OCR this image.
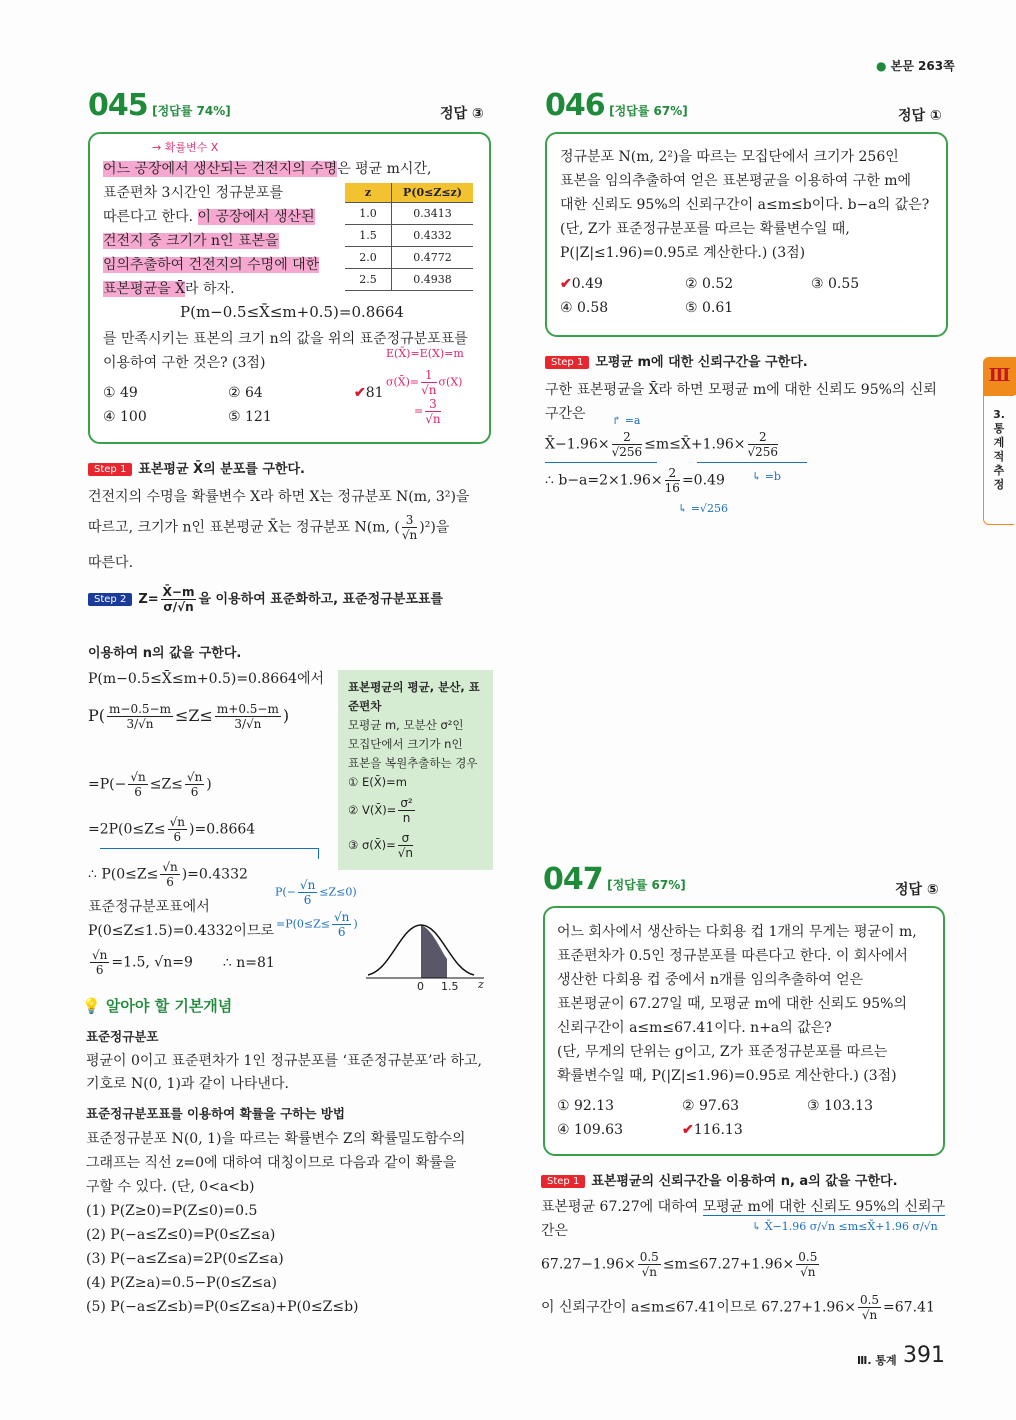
● 본문 263쪽
045 [정답률 74%]	정답 ③
→ 확률변수 X
어느 공장에서 생산되는 건전지의 수명은 평균 m시간,
표준편차 3시간인 정규분포를
따른다고 한다. 이 공장에서 생산된
건전지 중 크기가 n인 표본을
임의추출하여 건전지의 수명에 대한
표본평균을 X̄라 하자.
z	P(0≤Z≤z)
1.0	0.3413
1.5	0.4332
2.0	0.4772
2.5	0.4938
P(m−0.5≤X̄≤m+0.5)=0.8664
를 만족시키는 표본의 크기 n의 값을 위의 표준정규분포표를
이용하여 구한 것은? (3점)
① 49	② 64	✔81
④ 100	⑤ 121
E(X̄)=E(X)=m
σ(X̄)= $\frac{1}{√n} \sigma(X)$
= $\frac{3}{√n}$
Step 1 표본평균 X̄의 분포를 구한다.
건전지의 수명을 확률변수 X라 하면 X는 정규분포 N(m, 3²)을
따르고, 크기가 n인 표본평균 X̄는 정규분포 N(m, ( $\frac{3}{√n} )^2$)을
따른다.
Step 2 $Z= \frac{X̄-m}{\sigma/√n}$ 을 이용하여 표준화하고, 표준정규분포표를
이용하여 n의 값을 구한다.
P(m−0.5≤X̄≤m+0.5)=0.8664에서
$P( \frac{m-0.5-m}{3/√n} \le Z\le \frac{m+0.5-m}{3/√n}$ )
$=P(- \frac{√n}{6} \le Z\le \frac{√n}{6}$ )
$=2P(0\le Z\le \frac{√n}{6} )=0.8664$
∴ $P(0\le Z\le \frac{√n}{6} )=0.4332$
$P(- \frac{√n}{6} \le Z\le 0)$
$=P(0\le Z\le \frac{√n}{6}$ )
표준정규분포표에서
P(0≤Z≤1.5)=0.4332이므로
$\frac{√n}{6} =1.5$, √n=9 ∴ n=81
0 1.5 z
표본평균의 평균, 분산, 표준편차
모평균 m, 모분산 σ²인
모집단에서 크기가 n인
표본을 복원추출하는 경우
① E(X̄)=m
② V(X̄)= $\frac{\text{σ²}}{n}$
③ σ(X̄)= $\frac{\sigma}{√n}$
💡 알아야 할 기본개념
표준정규분포
평균이 0이고 표준편차가 1인 정규분포를 ‘표준정규분포’라 하고,
기호로 N(0, 1)과 같이 나타낸다.
표준정규분포표를 이용하여 확률을 구하는 방법
표준정규분포 N(0, 1)을 따르는 확률변수 Z의 확률밀도함수의
그래프는 직선 z=0에 대하여 대칭이므로 다음과 같이 확률을
구할 수 있다. (단, 0<a<b)
(1) P(Z≥0)=P(Z≤0)=0.5
(2) P(−a≤Z≤0)=P(0≤Z≤a)
(3) P(−a≤Z≤a)=2P(0≤Z≤a)
(4) P(Z≥a)=0.5−P(0≤Z≤a)
(5) P(−a≤Z≤b)=P(0≤Z≤a)+P(0≤Z≤b)
046 [정답률 67%]	정답 ①
정규분포 N(m, 2²)을 따르는 모집단에서 크기가 256인
표본을 임의추출하여 얻은 표본평균을 이용하여 구한 m에
대한 신뢰도 95%의 신뢰구간이 a≤m≤b이다. b−a의 값은?
(단, Z가 표준정규분포를 따르는 확률변수일 때,
P(|Z|≤1.96)=0.95로 계산한다.) (3점)
✔0.49	② 0.52	③ 0.55
④ 0.58	⑤ 0.61
Step 1 모평균 m에 대한 신뢰구간을 구한다.
구한 표본평균을 X̄라 하면 모평균 m에 대한 신뢰도 95%의 신뢰
구간은	↱ =a
X̄−1.96× $\frac{2}{√256}$ ≤m≤X̄+1.96× $\frac{2}{√256}$
∴ $b-a=2\times 1.96\times \frac{2}{16} =0.49$ ↳ =b
↳ =√256
047 [정답률 67%]	정답 ⑤
어느 회사에서 생산하는 다회용 컵 1개의 무게는 평균이 m,
표준편차가 0.5인 정규분포를 따른다고 한다. 이 회사에서
생산한 다회용 컵 중에서 n개를 임의추출하여 얻은
표본평균이 67.27일 때, 모평균 m에 대한 신뢰도 95%의
신뢰구간이 a≤m≤67.41이다. n+a의 값은?
(단, 무게의 단위는 g이고, Z가 표준정규분포를 따르는
확률변수일 때, P(|Z|≤1.96)=0.95로 계산한다.) (3점)
① 92.13	② 97.63	③ 103.13
④ 109.63	✔116.13
Step 1 표본평균의 신뢰구간을 이용하여 n, a의 값을 구한다.
표본평균 67.27에 대하여 모평균 m에 대한 신뢰도 95%의 신뢰구
간은	↳ X̄−1.96 σ/√n ≤m≤X̄+1.96 σ/√n
$67.27-1.96\times \frac{0.5}{√n} \le m\le 67.27+1.96\times \frac{0.5}{√n}$
이 신뢰구간이 a≤m≤67.41이므로 $67.27+1.96\times \frac{0.5}{√n} =67.41$
Ⅲ
3. 통계적 추정
Ⅲ. 통계 391
